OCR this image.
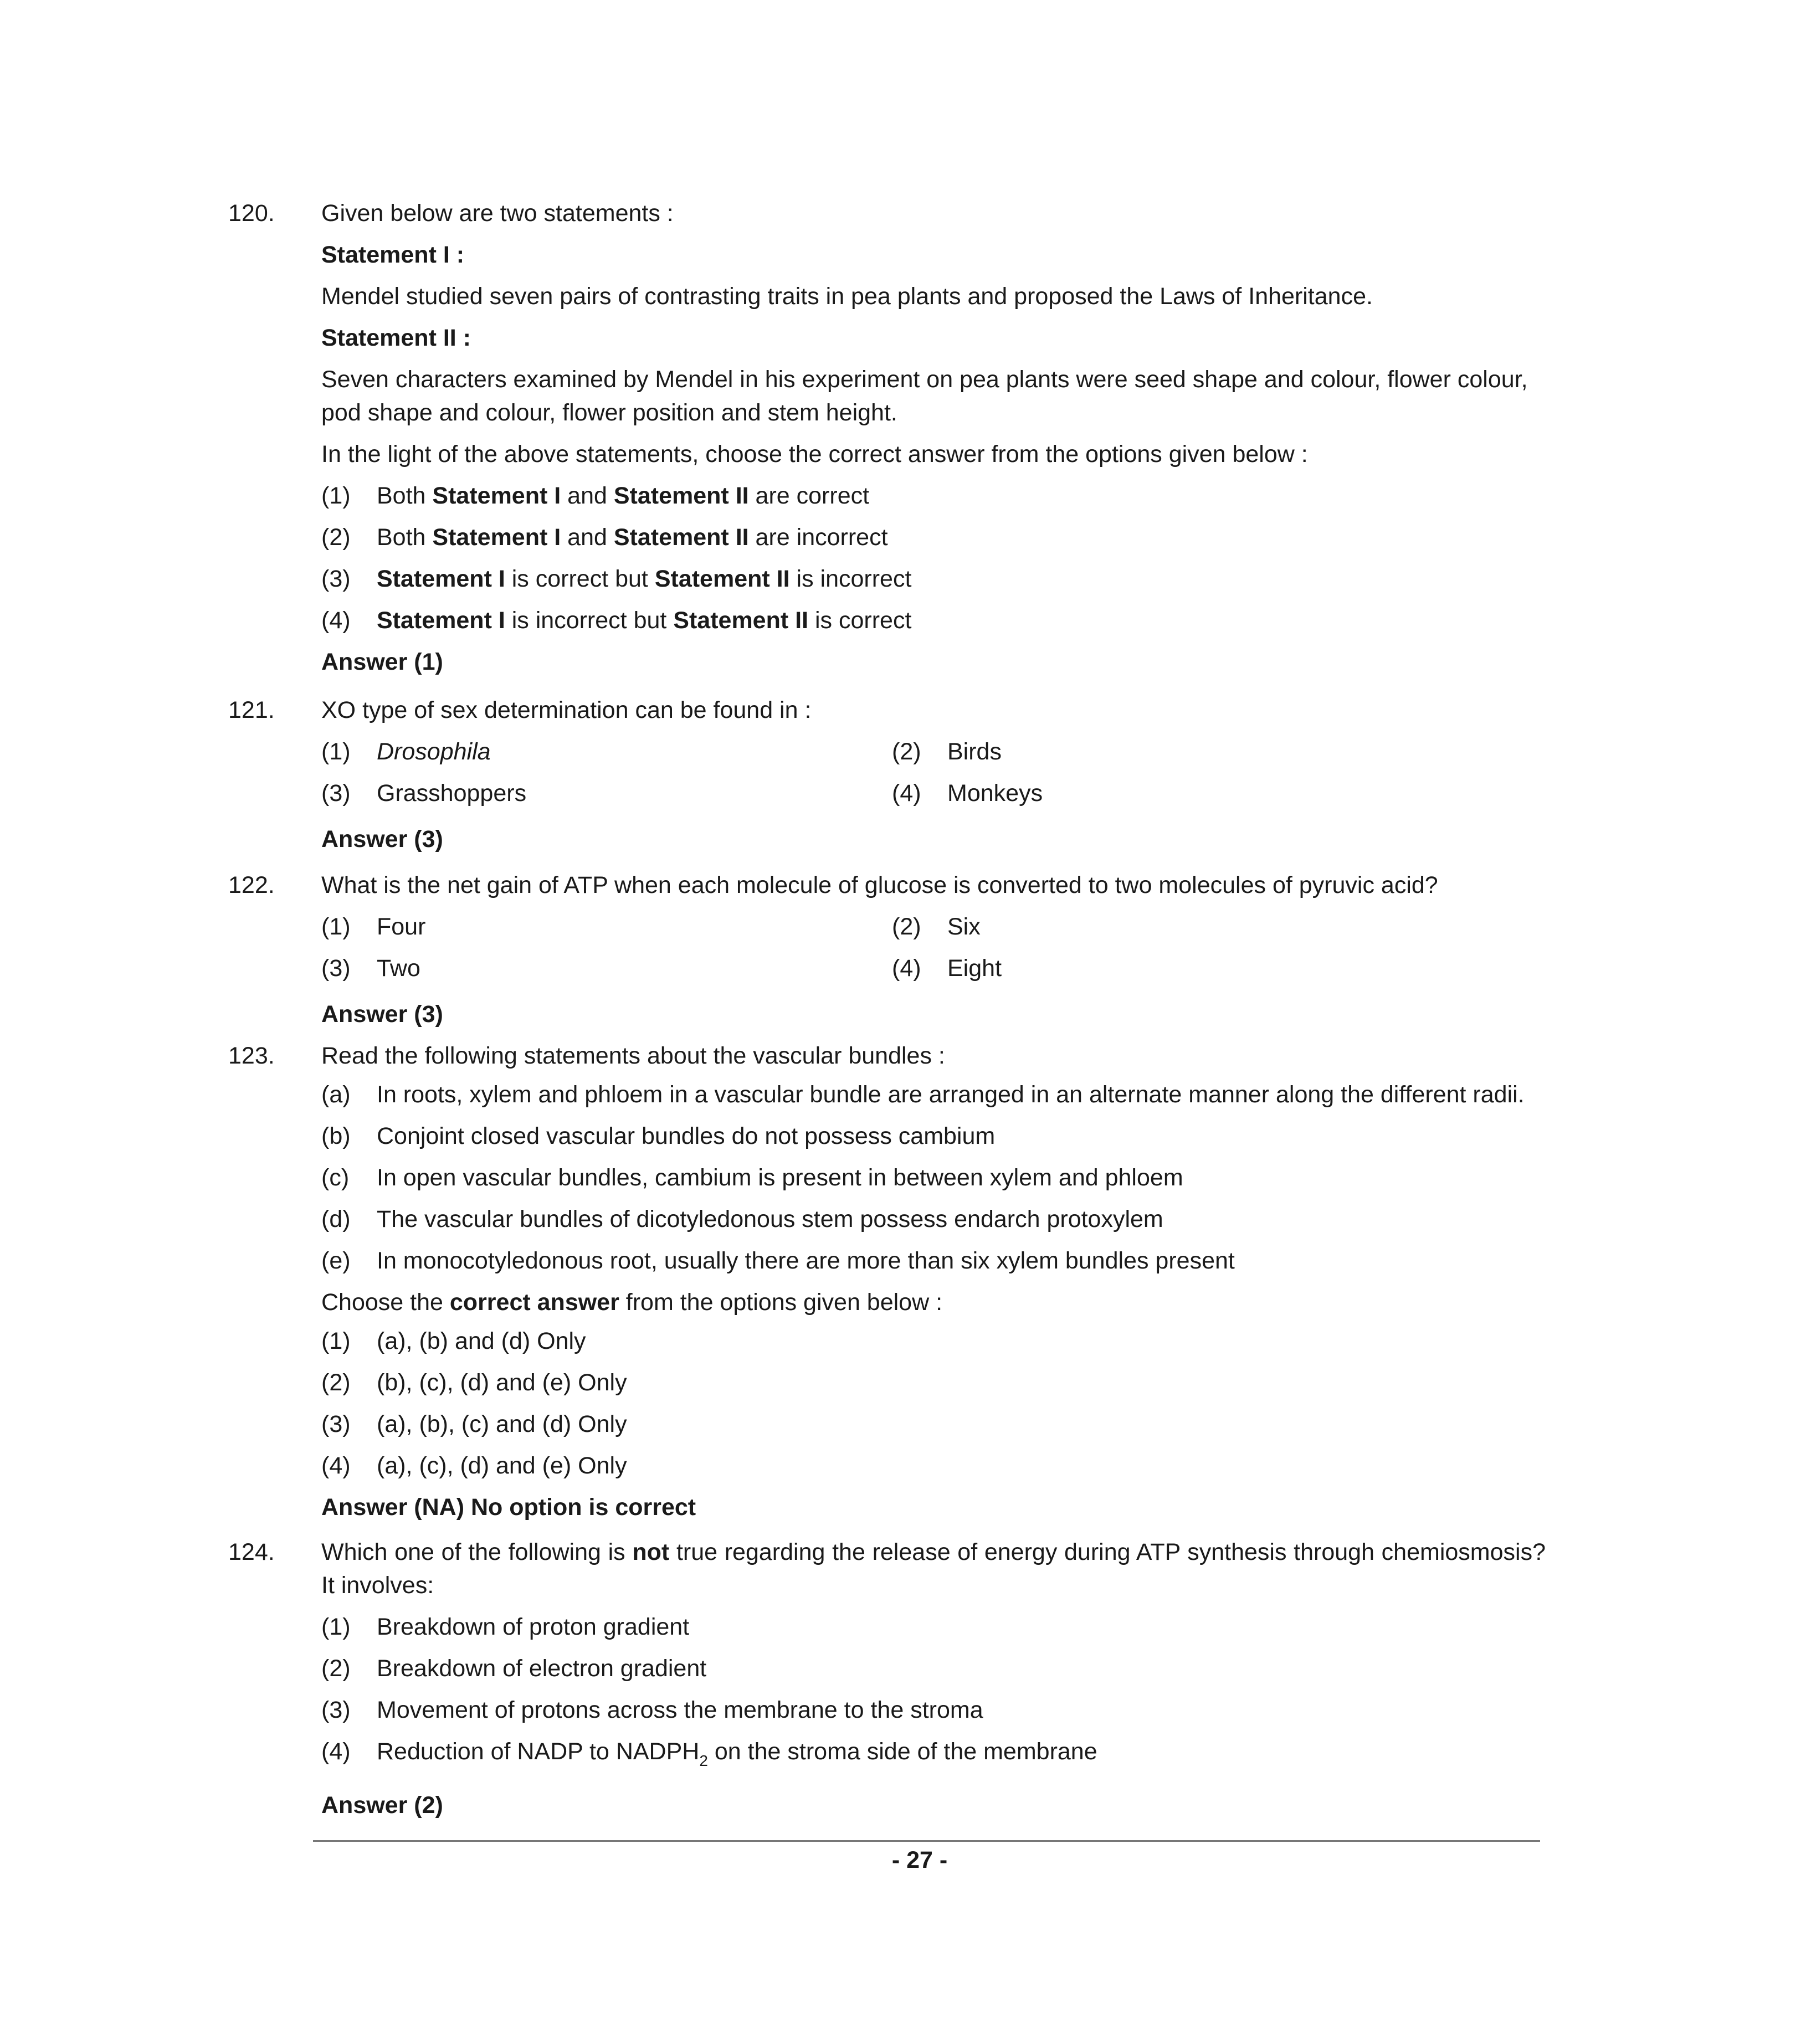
120. Given below are two statements :
Statement I :
Mendel studied seven pairs of contrasting traits in pea plants and proposed the Laws of Inheritance.
Statement II :
Seven characters examined by Mendel in his experiment on pea plants were seed shape and colour, flower colour, pod shape and colour, flower position and stem height.
In the light of the above statements, choose the correct answer from the options given below :
(1) Both Statement I and Statement II are correct
(2) Both Statement I and Statement II are incorrect
(3) Statement I is correct but Statement II is incorrect
(4) Statement I is incorrect but Statement II is correct
Answer (1)
121. XO type of sex determination can be found in :
(1) Drosophila	(2) Birds
(3) Grasshoppers	(4) Monkeys
Answer (3)
122. What is the net gain of ATP when each molecule of glucose is converted to two molecules of pyruvic acid?
(1) Four	(2) Six
(3) Two	(4) Eight
Answer (3)
123. Read the following statements about the vascular bundles :
(a) In roots, xylem and phloem in a vascular bundle are arranged in an alternate manner along the different radii.
(b) Conjoint closed vascular bundles do not possess cambium
(c) In open vascular bundles, cambium is present in between xylem and phloem
(d) The vascular bundles of dicotyledonous stem possess endarch protoxylem
(e) In monocotyledonous root, usually there are more than six xylem bundles present
Choose the correct answer from the options given below :
(1) (a), (b) and (d) Only
(2) (b), (c), (d) and (e) Only
(3) (a), (b), (c) and (d) Only
(4) (a), (c), (d) and (e) Only
Answer (NA) No option is correct
124. Which one of the following is not true regarding the release of energy during ATP synthesis through chemiosmosis? It involves:
(1) Breakdown of proton gradient
(2) Breakdown of electron gradient
(3) Movement of protons across the membrane to the stroma
(4) Reduction of NADP to $NADPH_2$ on the stroma side of the membrane
Answer (2)
- 27 -
